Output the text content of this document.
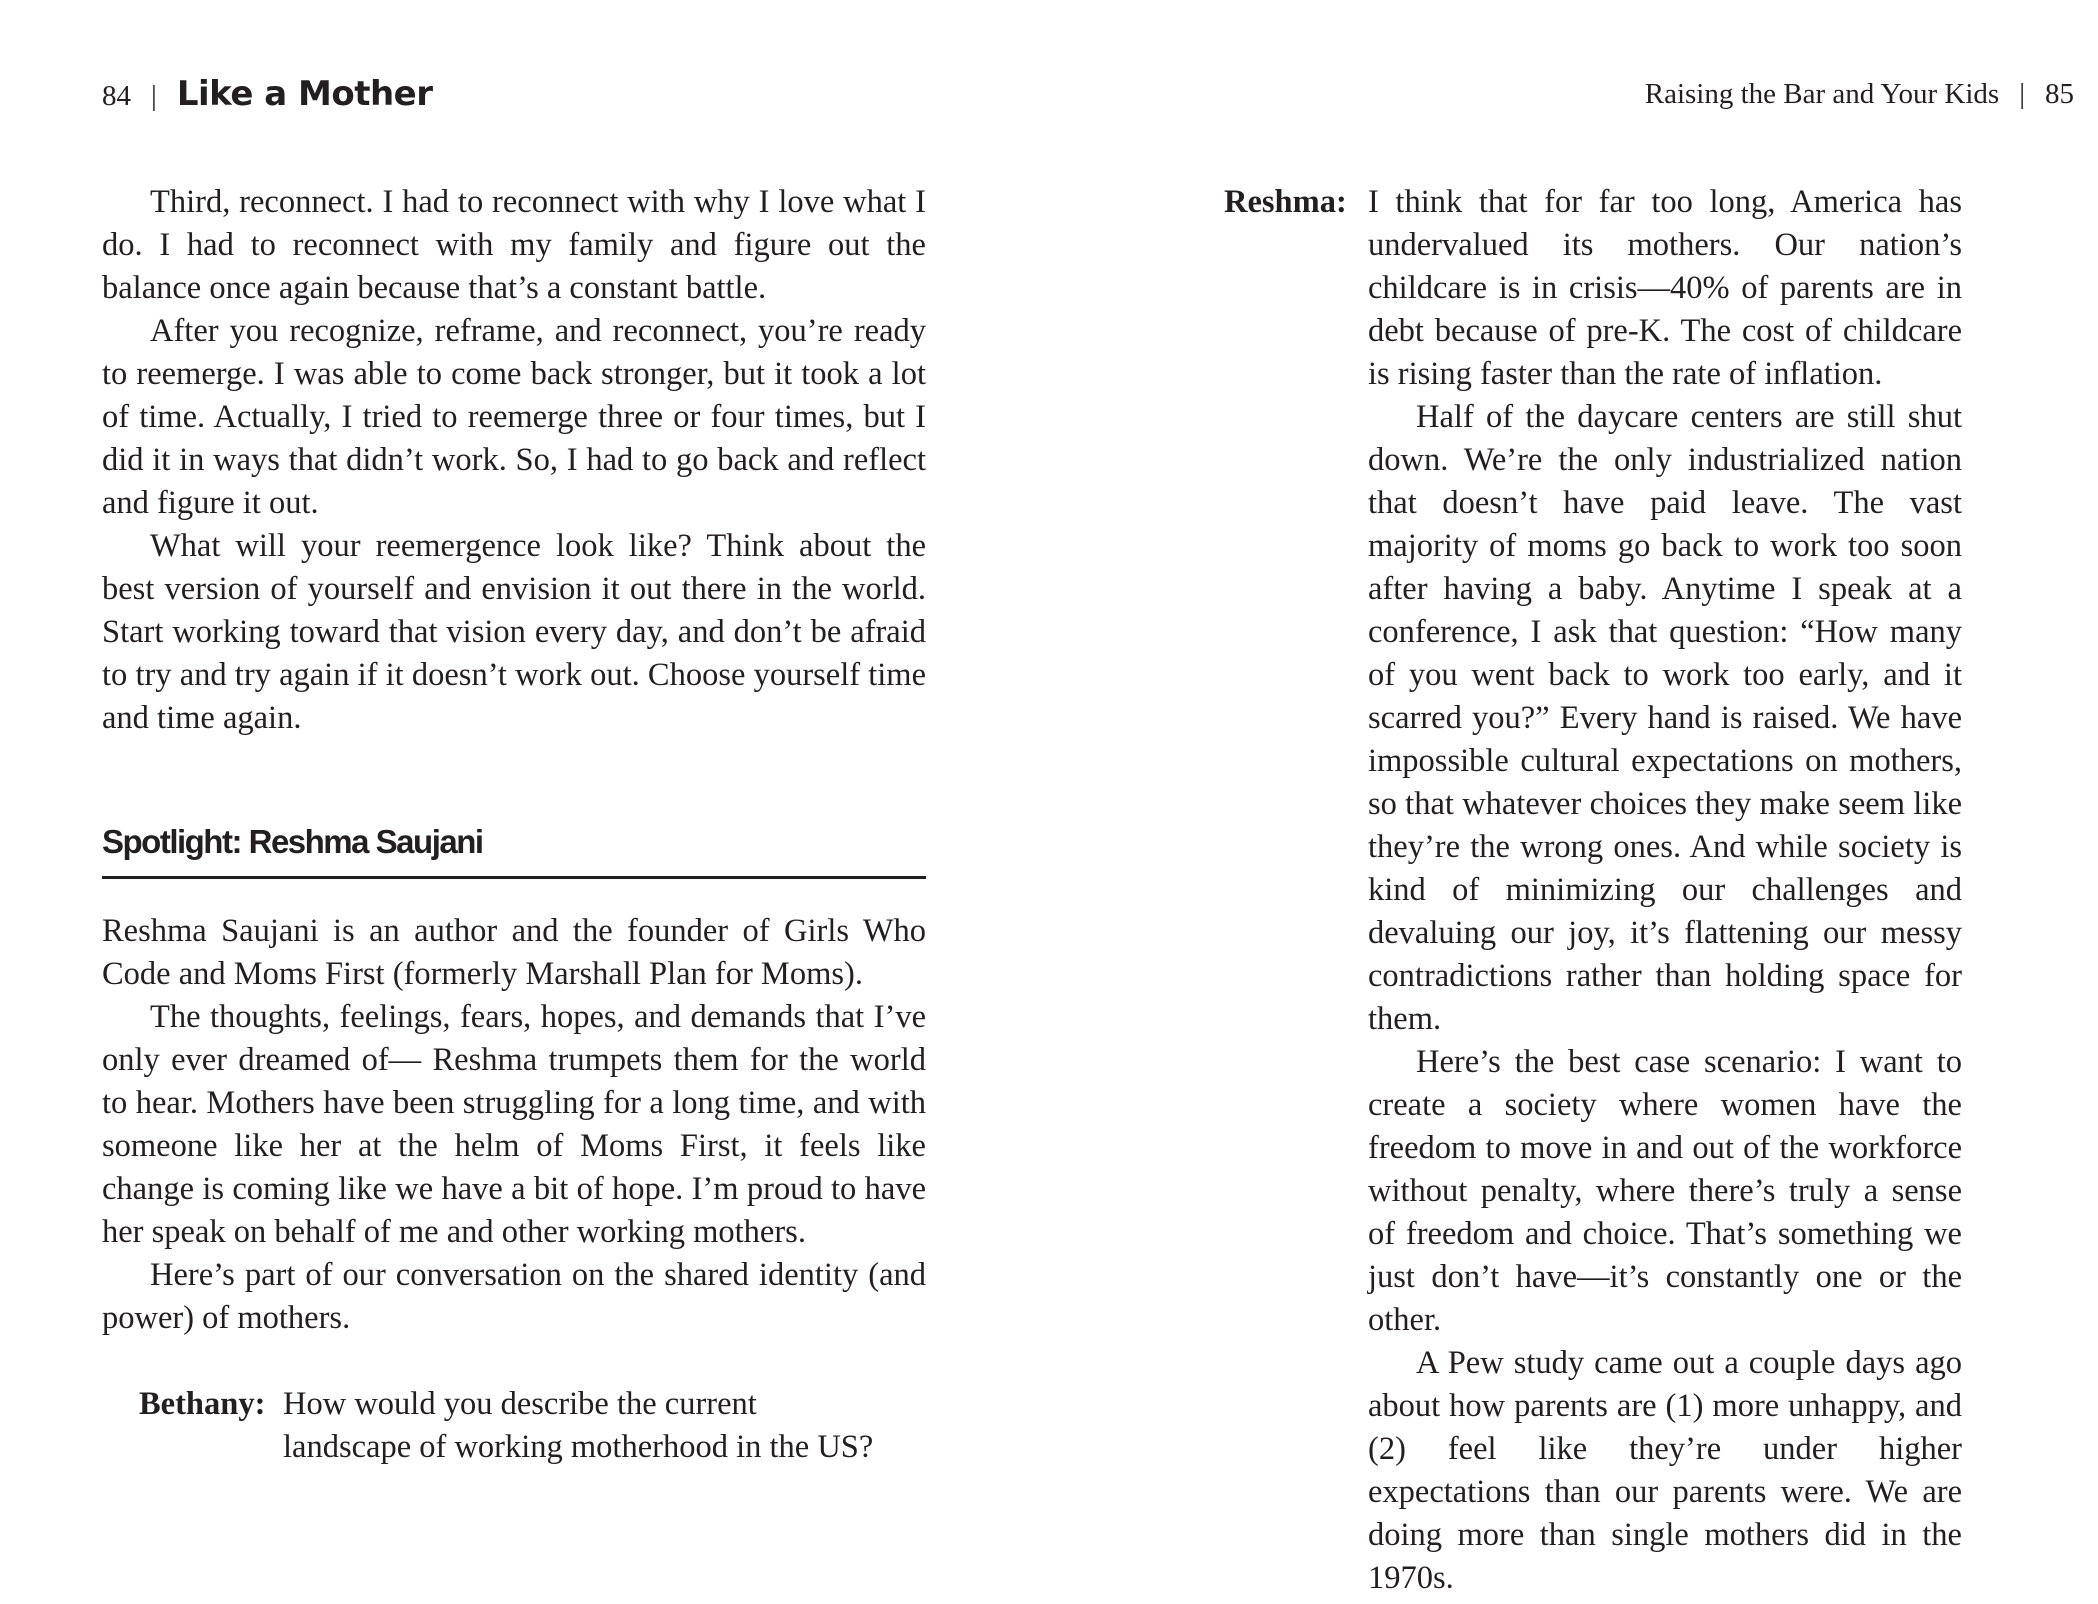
84 | Like a Mother

Third, reconnect. I had to reconnect with why I love what I do. I had to reconnect with my family and figure out the balance once again because that’s a constant battle.

After you recognize, reframe, and reconnect, you’re ready to reemerge. I was able to come back stronger, but it took a lot of time. Actually, I tried to reemerge three or four times, but I did it in ways that didn’t work. So, I had to go back and reflect and figure it out.

What will your reemergence look like? Think about the best version of yourself and envision it out there in the world. Start working toward that vision every day, and don’t be afraid to try and try again if it doesn’t work out. Choose yourself time and time again.

Spotlight: Reshma Saujani

Reshma Saujani is an author and the founder of Girls Who Code and Moms First (formerly Marshall Plan for Moms).

The thoughts, feelings, fears, hopes, and demands that I’ve only ever dreamed of— Reshma trumpets them for the world to hear. Mothers have been struggling for a long time, and with someone like her at the helm of Moms First, it feels like change is coming like we have a bit of hope. I’m proud to have her speak on behalf of me and other working mothers.

Here’s part of our conversation on the shared identity (and power) of mothers.

Bethany: How would you describe the current landscape of working motherhood in the US?
Raising the Bar and Your Kids | 85
Reshma: I think that for far too long, America has undervalued its mothers. Our nation’s childcare is in crisis—40% of parents are in debt because of pre-K. The cost of childcare is rising faster than the rate of inflation.

Half of the daycare centers are still shut down. We’re the only industrialized nation that doesn’t have paid leave. The vast majority of moms go back to work too soon after having a baby. Anytime I speak at a conference, I ask that question: “How many of you went back to work too early, and it scarred you?” Every hand is raised. We have impossible cultural expectations on mothers, so that whatever choices they make seem like they’re the wrong ones. And while society is kind of minimizing our challenges and devaluing our joy, it’s flattening our messy contradictions rather than holding space for them.

Here’s the best case scenario: I want to create a society where women have the freedom to move in and out of the workforce without penalty, where there’s truly a sense of freedom and choice. That’s something we just don’t have—it’s constantly one or the other.

A Pew study came out a couple days ago about how parents are (1) more unhappy, and (2) feel like they’re under higher expectations than our parents were. We are doing more than single mothers did in the 1970s.
